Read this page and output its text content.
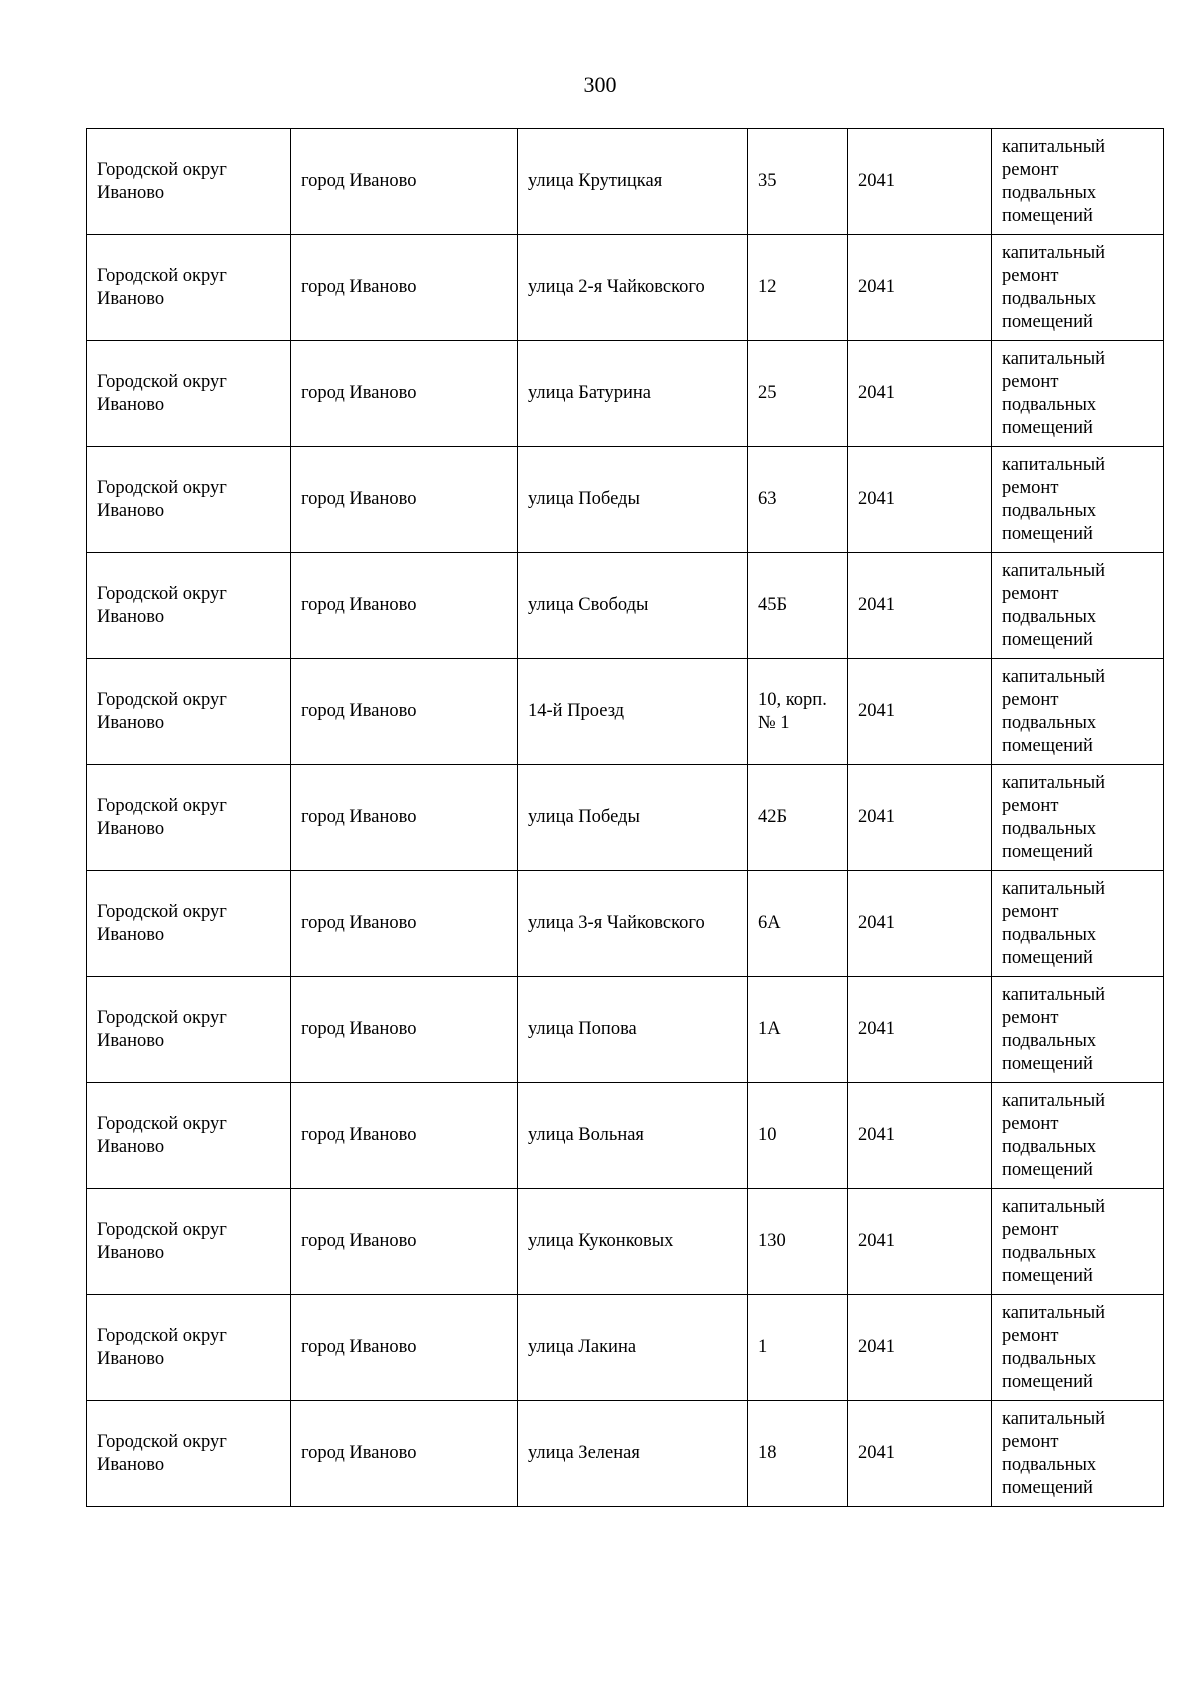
300
Городской округ
Иваново	город Иваново	улица Крутицкая	35	2041	капитальный
ремонт
подвальных
помещений
Городской округ
Иваново	город Иваново	улица 2-я Чайковского	12	2041	капитальный
ремонт
подвальных
помещений
Городской округ
Иваново	город Иваново	улица Батурина	25	2041	капитальный
ремонт
подвальных
помещений
Городской округ
Иваново	город Иваново	улица Победы	63	2041	капитальный
ремонт
подвальных
помещений
Городской округ
Иваново	город Иваново	улица Свободы	45Б	2041	капитальный
ремонт
подвальных
помещений
Городской округ
Иваново	город Иваново	14-й Проезд	10, корп.
№ 1	2041	капитальный
ремонт
подвальных
помещений
Городской округ
Иваново	город Иваново	улица Победы	42Б	2041	капитальный
ремонт
подвальных
помещений
Городской округ
Иваново	город Иваново	улица 3-я Чайковского	6А	2041	капитальный
ремонт
подвальных
помещений
Городской округ
Иваново	город Иваново	улица Попова	1А	2041	капитальный
ремонт
подвальных
помещений
Городской округ
Иваново	город Иваново	улица Вольная	10	2041	капитальный
ремонт
подвальных
помещений
Городской округ
Иваново	город Иваново	улица Куконковых	130	2041	капитальный
ремонт
подвальных
помещений
Городской округ
Иваново	город Иваново	улица Лакина	1	2041	капитальный
ремонт
подвальных
помещений
Городской округ
Иваново	город Иваново	улица Зеленая	18	2041	капитальный
ремонт
подвальных
помещений
